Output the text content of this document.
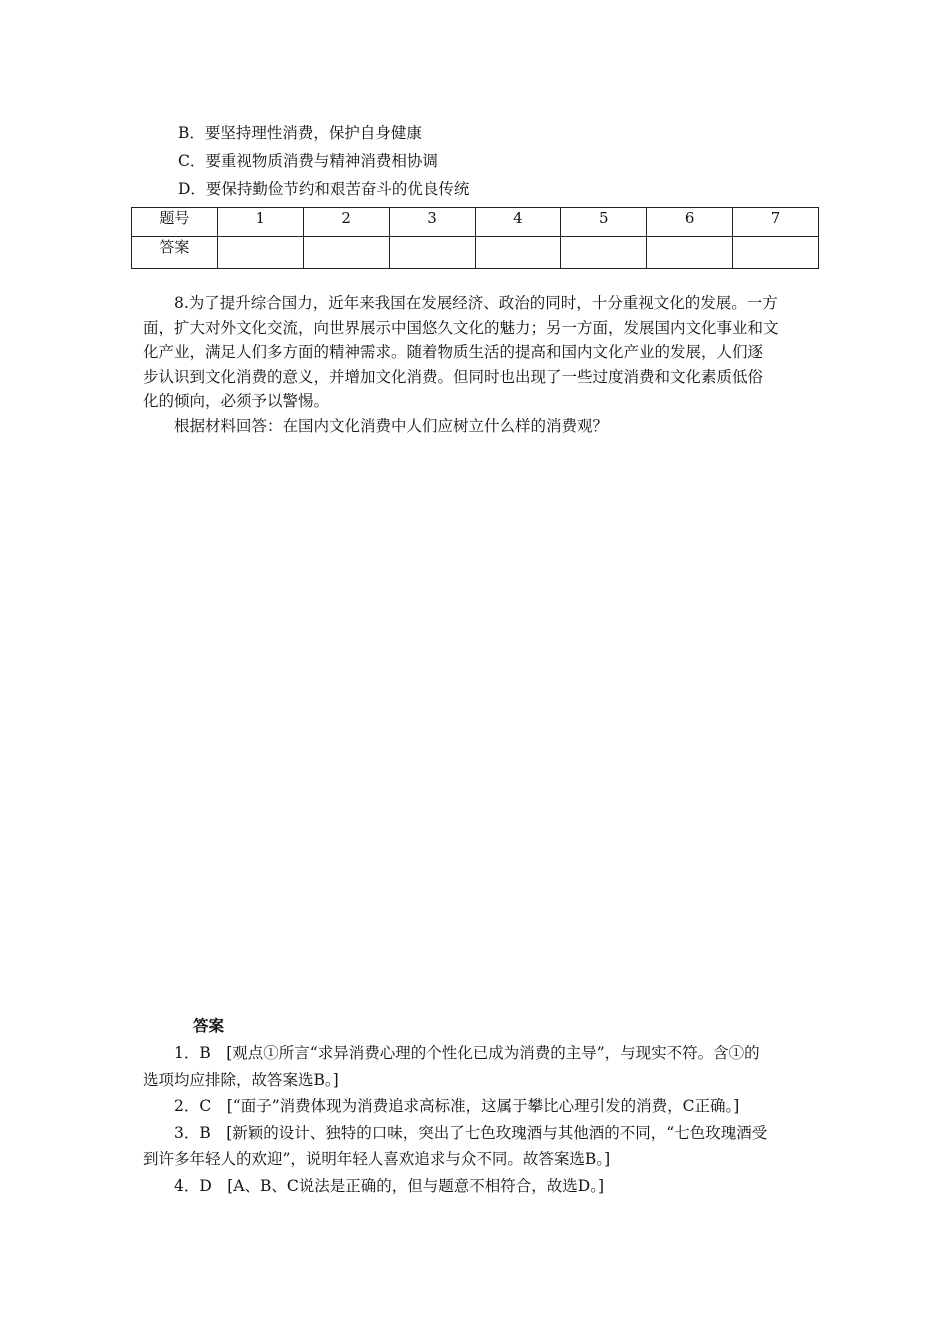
B．要坚持理性消费，保护自身健康
C．要重视物质消费与精神消费相协调
D．要保持勤俭节约和艰苦奋斗的优良传统
题号	1	2	3	4	5	6	7
答案							
8.为了提升综合国力，近年来我国在发展经济、政治的同时，十分重视文化的发展。一方
面，扩大对外文化交流，向世界展示中国悠久文化的魅力；另一方面，发展国内文化事业和文
化产业，满足人们多方面的精神需求。随着物质生活的提高和国内文化产业的发展，人们逐
步认识到文化消费的意义，并增加文化消费。但同时也出现了一些过度消费和文化素质低俗
化的倾向，必须予以警惕。
根据材料回答：在国内文化消费中人们应树立什么样的消费观？
答案
1．B　[观点①所言“求异消费心理的个性化已成为消费的主导”，与现实不符。含①的
选项均应排除，故答案选B。]
2．C　[“面子”消费体现为消费追求高标准，这属于攀比心理引发的消费，C正确。]
3．B　[新颖的设计、独特的口味，突出了七色玫瑰酒与其他酒的不同，“七色玫瑰酒受
到许多年轻人的欢迎”，说明年轻人喜欢追求与众不同。故答案选B。]
4．D　[A、B、C说法是正确的，但与题意不相符合，故选D。]
